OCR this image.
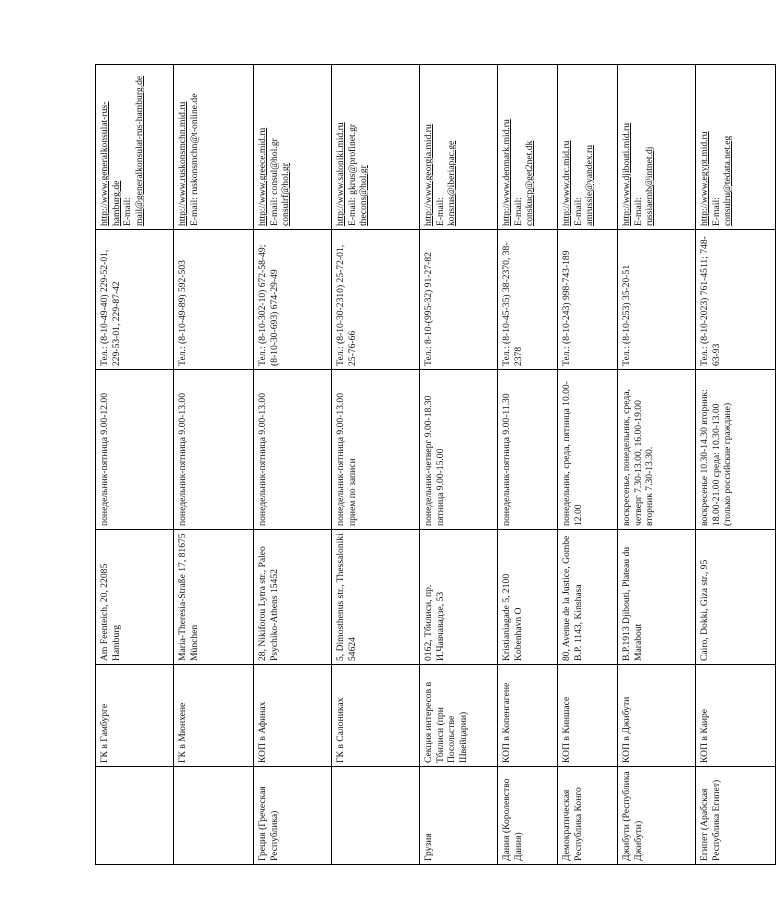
	ГК в Гамбурге	Am Feenteich, 20, 22085 Hamburg	понедельник-пятница 9.00-12.00	Тел.: (8-10-49-40) 229-52-01, 229-53-01, 229-87-42	http://www.generalkonsulat-rus-hamburg.de E-mail: mail@generalkonsulat-rus-hamburg.de

	ГК в Мюнхене	Maria-Theresia-Straße 17, 81675 München	понедельник-пятница 9.00-13.00	Тел.: (8-10-49-89) 592-503	http://www.ruskonsmchn.mid.ru E-mail: ruskonsmchn@t-online.de

Греция (Греческая Республика)	КОП в Афинах	28, Nikiforou Lytra str., Paleo Psychiko-Athens 15452	понедельник-пятница 9.00-13.00	Тел.: (8-10-302-10) 672-58-49; (8-10-30-693) 674-29-49	http://www.greece.mid.ru E-mail: consul@hol.gr consulrf@hol.gr

	ГК в Салониках	5, Dimosthenus str., Thessaloniki 54624	понедельник-пятница 9.00-13.00 прием по записи	Тел.: (8-10-30-2310) 25-72-01, 25-76-66	http://www.saloniki.mid.ru E-mail: gkrus@profinet.gr thecons@hol.gr

Грузия	Секция интересов в Тбилиси (при Посольстве Швейцарии)	0162, Тбилиси, пр. И.Чавчавадзе, 53	понедельник-четверг 9.00-18.30 пятница 9.00-15.00	Тел.: 8-10-(995-32) 91-27-82	http://www.georgia.mid.ru E-mail: konsrus@iberiapac.ge

Дания (Королевство Дания)	КОП в Копенгагене	Kristianiagade 5, 2100 Kobenhavn O	понедельник-пятница 9.00-11.30	Тел.: (8-10-45-35) 38-2370, 38-2378	http://www.denmark.mid.ru E-mail: conskucp@get2net.dk

Демократическая Республика Конго	КОП в Киншасе	80, Avenue de la Justice, Gombe B.P. 1143, Kinshasa	понедельник, среда, пятница 10.00-12.00	Тел.: (8-10-243) 998-743-189	http://www.drc.mid.ru E-mail: amrussie@yandex.ru

Джибути (Республика Джибути)	КОП в Джибути	B.P.1913 Djibouti, Plateau du Marabout	воскресенье, понедельник, среда, четверг 7.30-13.00, 16.00-19.00 вторник 7.30-13.30.	Тел.: (8-10-253) 35-20-51	http://www.djibouti.mid.ru E-mail: russiaemb@intnet.dj

Египет (Арабская Республика Египет)	КОП в Каире	Cairo, Dokki, Giza str., 95	воскресенье 10.30-14.30 вторник: 18.00-21.00 среда: 10.30-13.00 (только российские граждане)	Тел.: (8-10-2023) 761-4511; 748-63-93	http://www.egypt.mid.ru E-mail: consulru@tedata.net.eg
